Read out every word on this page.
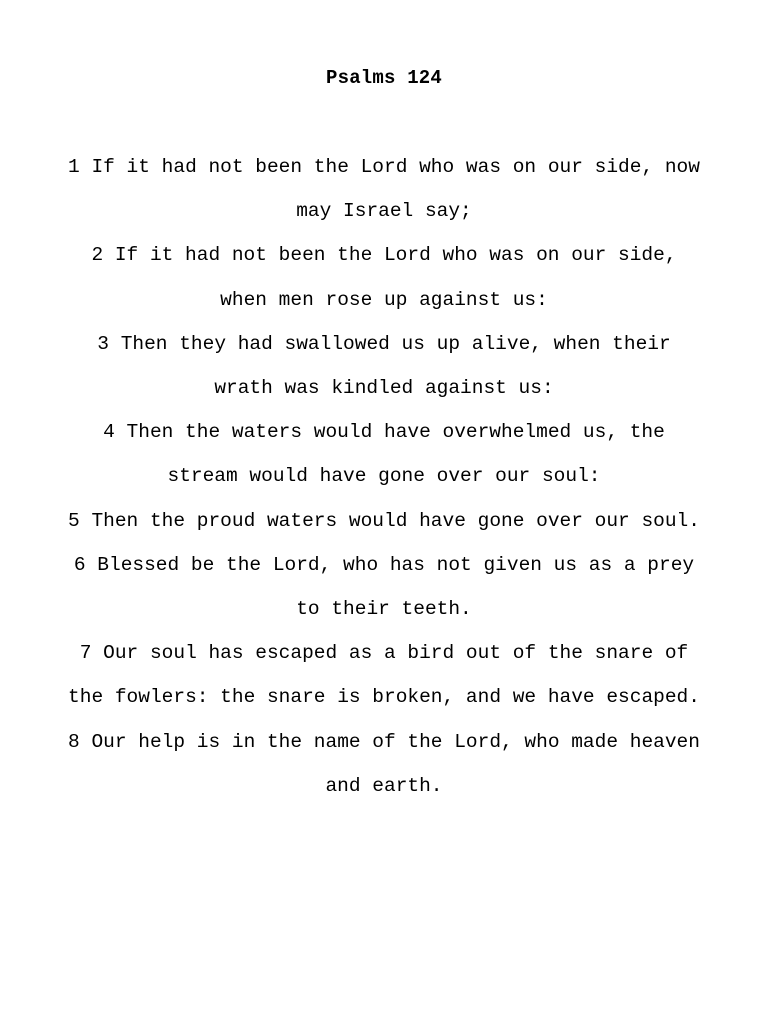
Psalms 124

1 If it had not been the Lord who was on our side, now may Israel say;

2 If it had not been the Lord who was on our side, when men rose up against us:

3 Then they had swallowed us up alive, when their wrath was kindled against us:

4 Then the waters would have overwhelmed us, the stream would have gone over our soul:

5 Then the proud waters would have gone over our soul.

6 Blessed be the Lord, who has not given us as a prey to their teeth.

7 Our soul has escaped as a bird out of the snare of the fowlers: the snare is broken, and we have escaped.

8 Our help is in the name of the Lord, who made heaven and earth.
